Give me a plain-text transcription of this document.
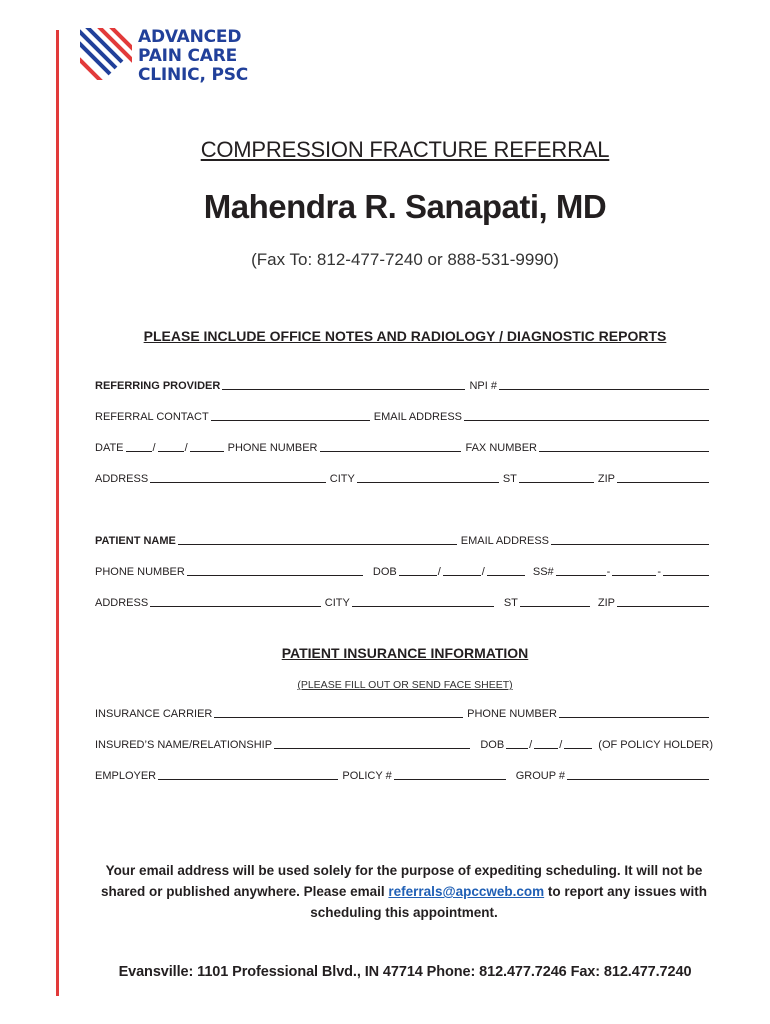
ADVANCED
PAIN CARE
CLINIC, PSC
COMPRESSION FRACTURE REFERRAL
Mahendra R. Sanapati, MD
(Fax To: 812-477-7240 or 888-531-9990)
PLEASE INCLUDE OFFICE NOTES AND RADIOLOGY / DIAGNOSTIC REPORTS
REFERRING PROVIDER	NPI #
REFERRAL CONTACT	EMAIL ADDRESS
DATE	/	/	PHONE NUMBER	FAX NUMBER
ADDRESS	CITY	ST	ZIP
PATIENT NAME	EMAIL ADDRESS
PHONE NUMBER	DOB	/	/	SS#	-	-
ADDRESS	CITY	ST	ZIP
PATIENT INSURANCE INFORMATION
(PLEASE FILL OUT OR SEND FACE SHEET)
INSURANCE CARRIER	PHONE NUMBER
INSURED’S NAME/RELATIONSHIP	DOB / /	(OF POLICY HOLDER)
EMPLOYER	POLICY #	GROUP #
Your email address will be used solely for the purpose of expediting scheduling. It will not be shared or published anywhere. Please email referrals@apccweb.com to report any issues with scheduling this appointment.
Evansville: 1101 Professional Blvd., IN 47714 Phone: 812.477.7246 Fax: 812.477.7240
